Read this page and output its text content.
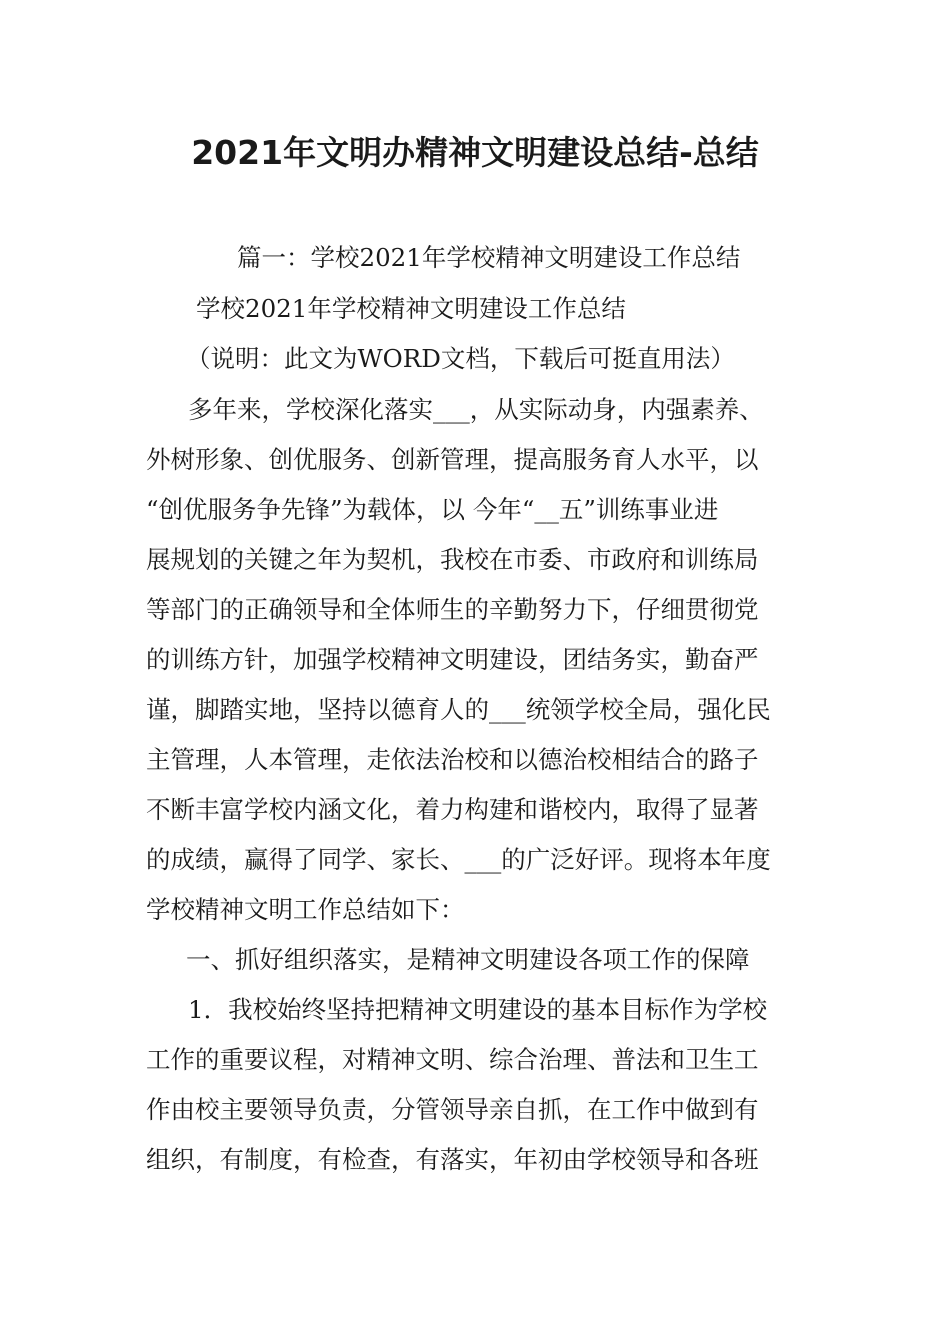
2021年文明办精神文明建设总结-总结
篇一：学校2021年学校精神文明建设工作总结
学校2021年学校精神文明建设工作总结
（说明：此文为WORD文档，下载后可挺直用法）
多年来，学校深化落实___，从实际动身，内强素养、
外树形象、创优服务、创新管理，提高服务育人水平，以
“创优服务争先锋”为载体，以 今年“__五”训练事业进
展规划的关键之年为契机，我校在市委、市政府和训练局
等部门的正确领导和全体师生的辛勤努力下，仔细贯彻党
的训练方针，加强学校精神文明建设，团结务实，勤奋严
谨，脚踏实地，坚持以德育人的___统领学校全局，强化民
主管理，人本管理，走依法治校和以德治校相结合的路子
不断丰富学校内涵文化，着力构建和谐校内，取得了显著
的成绩，赢得了同学、家长、___的广泛好评。现将本年度
学校精神文明工作总结如下：
一、抓好组织落实，是精神文明建设各项工作的保障
1．我校始终坚持把精神文明建设的基本目标作为学校
工作的重要议程，对精神文明、综合治理、普法和卫生工
作由校主要领导负责，分管领导亲自抓，在工作中做到有
组织，有制度，有检查，有落实，年初由学校领导和各班
